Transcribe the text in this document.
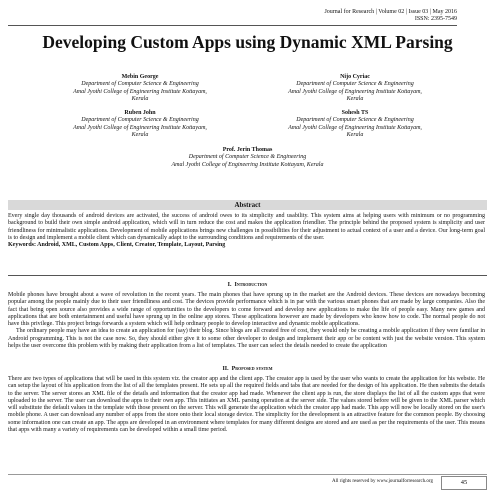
Journal for Research | Volume 02 | Issue 03 | May 2016
ISSN: 2395-7549
Developing Custom Apps using Dynamic XML Parsing
Mebin George
Department of Computer Science & Engineering
Amal Jyothi College of Engineering Institute Kottayam,
Kerala
Nijo Cyriac
Department of Computer Science & Engineering
Amal Jyothi College of Engineering Institute Kottayam,
Kerala
Ruben John
Department of Computer Science & Engineering
Amal Jyothi College of Engineering Institute Kottayam,
Kerala
Sohesh TS
Department of Computer Science & Engineering
Amal Jyothi College of Engineering Institute Kottayam,
Kerala
Prof. Jerin Thomas
Department of Computer Science & Engineering
Amal Jyothi College of Engineering Institute Kottayam, Kerala
Abstract

Every single day thousands of android devices are activated, the success of android owes to its simplicity and usability. This system aims at helping users with minimum or no programming background to build their own simple android application, which will in turn reduce the cost and makes the application friendlier. The principle behind the proposed system is simplicity and user friendliness for minimalistic applications. Development of mobile applications brings new challenges in possibilities for their adjustment to actual context of a user and a device. Our long-term goal is to design and implement a mobile client which can dynamically adapt to the surrounding conditions and requirements of the user.

Keywords: Android, XML, Custom Apps, Client, Creator, Template, Layout, Parsing

I. Introduction

Mobile phones have brought about a wave of revolution in the recent years. The main phones that have sprung up in the market are the Android devices. These devices are nowadays becoming popular among the people mainly due to their user friendliness and cost. The devices provide performance which is in par with the various smart phones that are made by large companies. Also the fact that being open source also provides a wide range of opportunities to the developers to come forward and develop new applications to make the life of people easy. Many new games and applications that are both entertainment and useful have sprung up in the online app stores. These applications however are made by developers who know how to code. The normal people do not have this privilege. This project brings forwards a system which will help ordinary people to develop interactive and dynamic mobile applications.

The ordinary people may have an idea to create an application for (say) their blog. Since blogs are all created free of cost, they would only be creating a mobile application if they were familiar in Android programming. This is not the case now. So, they should either give it to some other developer to design and implement their app or be content with just the website version. This system helps the user overcome this problem with by making their application from a list of templates. The user can select the details needed to create the application

II. Proposed system

There are two types of applications that will be used in this system viz. the creator app and the client app. The creator app is used by the user who wants to create the application for his website. He can setup the layout of his application from the list of all the templates present. He sets up all the required fields and tabs that are needed for the design of his application. He then submits the details to the server. The server stores an XML file of the details and information that the creator app had made. Whenever the client app is run, the store displays the list of all the custom apps that were uploaded to the server. The user can download the apps to their own app. This initiates an XML parsing operation at the server side. The values stored before will be given to the XML parser which will substitute the default values in the template with those present on the server. This will generate the application which the creator app had made. This app will now be locally stored on the user's mobile phone. A user can download any number of apps from the store onto their local storage device. The simplicity for the development is an attractive feature for the common people. By choosing some information one can create an app. The apps are developed in an environment where templates for many different designs are stored and are used as per the requirements of the user. This means that apps with many a variety of requirements can be developed within a small time period.

All rights reserved by www.journalforresearch.org	45
